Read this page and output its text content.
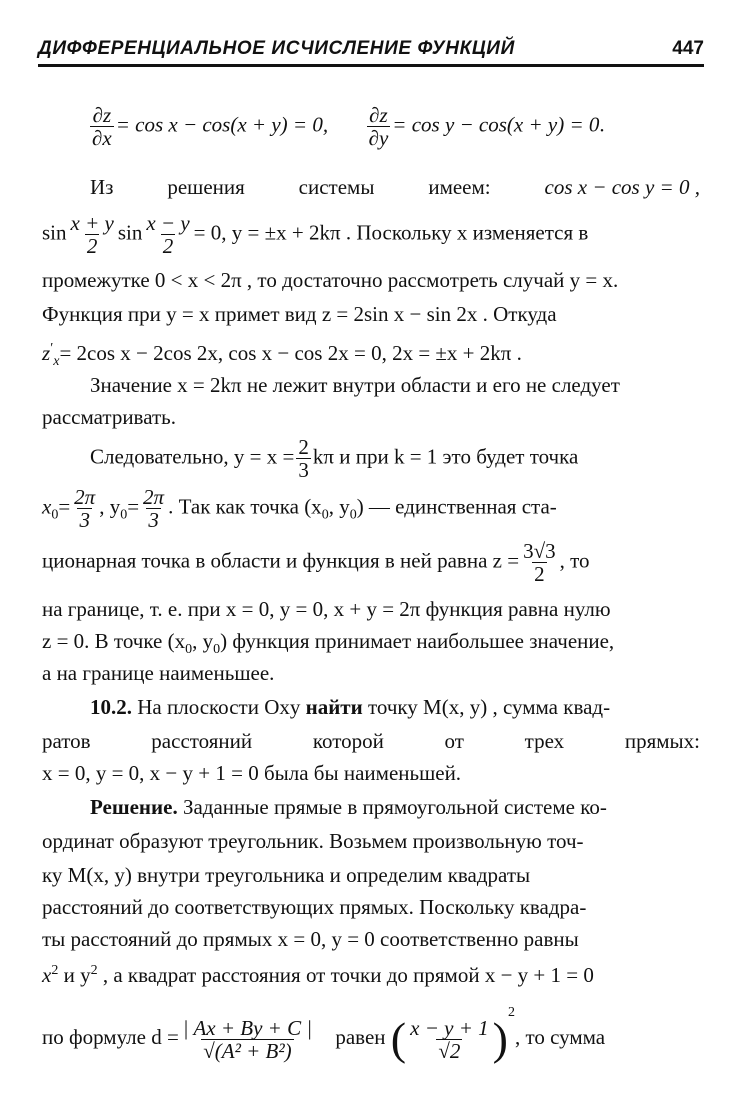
ДИФФЕРЕНЦИАЛЬНОЕ ИСЧИСЛЕНИЕ ФУНКЦИЙ	447
$\frac{\partial z}{\partial x} = \cos x - \cos(x + y) = 0$, $\frac{\partial z}{\partial y} = \cos y - \cos(x + y) = 0$.
Из	решения	системы	имеем:	cos x − cos y = 0 ,
$\sin \frac{x + y}{2}$ $\sin \frac{x - y}{2} = 0$, y = ±x + 2kπ . Поскольку x изменяется в
промежутке 0 < x < 2π , то достаточно рассмотреть случай y = x.
Функция при y = x примет вид z = 2sin x − sin 2x . Откуда
$z'_x= 2\cos$ x − 2cos 2x, cos x − cos 2x = 0, 2x = ±x + 2kπ .
Значение x = 2kπ не лежит внутри области и его не следует
рассматривать.
Следовательно, $y = x = \frac{2}{3}$ kπ и при k = 1 это будет точка
$x_0= \frac{2\pi}{3}$ , $y_0= \frac{2\pi}{3}$ . Так как точка ($x_0$, $y_0$) — единственная ста-
ционарная точка в области и функция в ней равна $z = \frac{3√3}{2}$ , то
на границе, т. е. при x = 0, y = 0, x + y = 2π функция равна нулю
z = 0. В точке ($x_0$, $y_0$) функция принимает наибольшее значение,
а на границе наименьшее.
10.2. На плоскости Oxy найти точку M(x, y) , сумма квад-
ратов	расстояний	которой	от	трех	прямых:
x = 0, y = 0, x − y + 1 = 0 была бы наименьшей.
Решение. Заданные прямые в прямоугольной системе ко-
ординат образуют треугольник. Возьмем произвольную точ-
ку M(x, y) внутри треугольника и определим квадраты
расстояний до соответствующих прямых. Поскольку квадра-
ты расстояний до прямых x = 0, y = 0 соответственно равны
$x^2$ и $y^2$ , а квадрат расстояния от точки до прямой x − y + 1 = 0
по формуле $d = \frac{| Ax + By + C |}{\text{√(A² + B²)}}$ равен ( $\frac{x - y + 1}{√2} )^2$, то сумма
